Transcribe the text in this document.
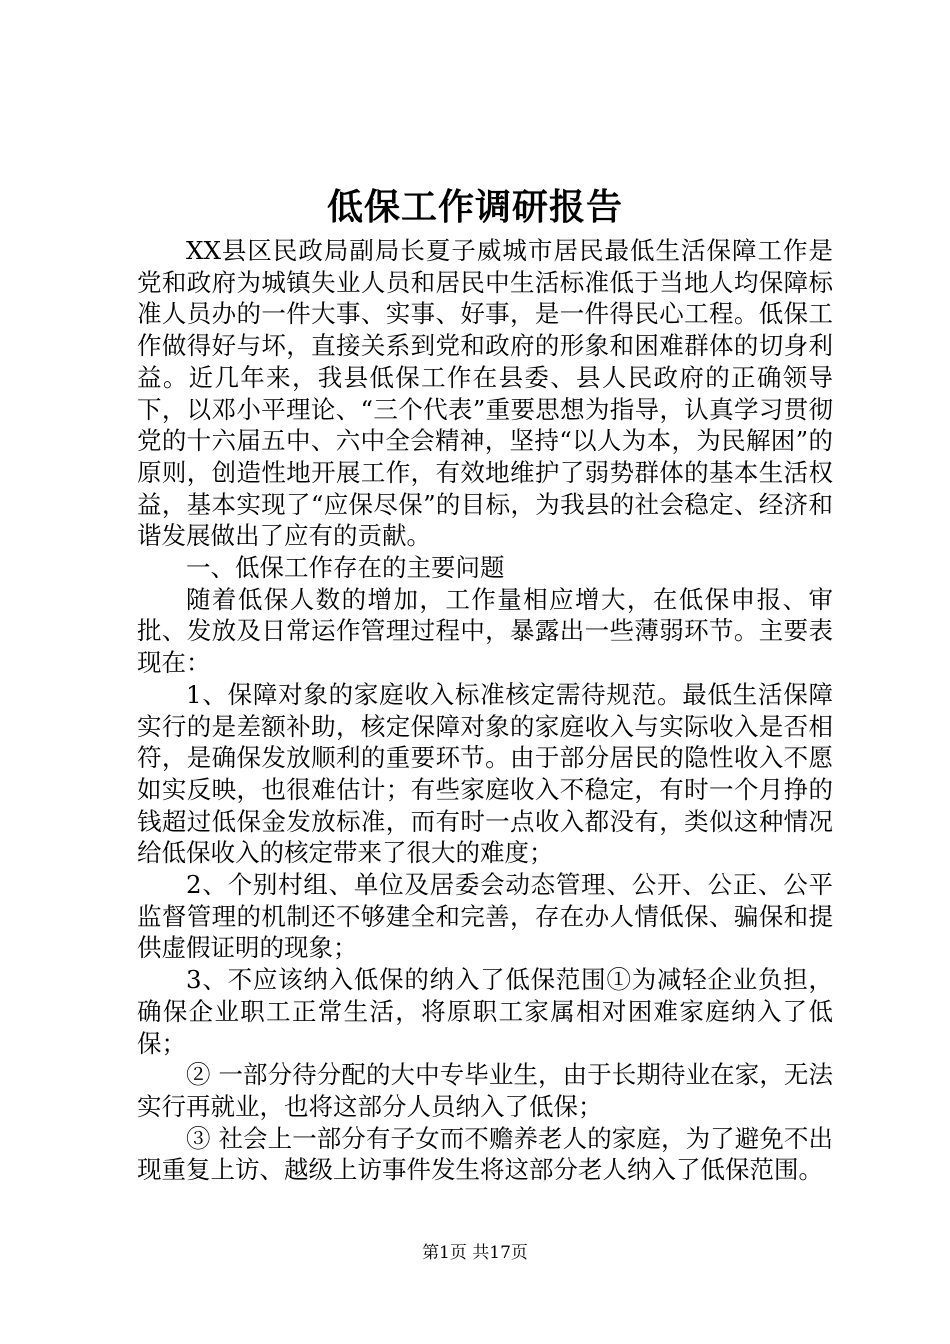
低保工作调研报告

XX县区民政局副局长夏子威城市居民最低生活保障工作是党和政府为城镇失业人员和居民中生活标准低于当地人均保障标准人员办的一件大事、实事、好事，是一件得民心工程。低保工作做得好与坏，直接关系到党和政府的形象和困难群体的切身利益。近几年来，我县低保工作在县委、县人民政府的正确领导下，以邓小平理论、“三个代表”重要思想为指导，认真学习贯彻党的十六届五中、六中全会精神，坚持“以人为本，为民解困”的原则，创造性地开展工作，有效地维护了弱势群体的基本生活权益，基本实现了“应保尽保”的目标，为我县的社会稳定、经济和谐发展做出了应有的贡献。

一、低保工作存在的主要问题

随着低保人数的增加，工作量相应增大，在低保申报、审批、发放及日常运作管理过程中，暴露出一些薄弱环节。主要表现在：

1、保障对象的家庭收入标准核定需待规范。最低生活保障实行的是差额补助，核定保障对象的家庭收入与实际收入是否相符，是确保发放顺利的重要环节。由于部分居民的隐性收入不愿如实反映，也很难估计；有些家庭收入不稳定，有时一个月挣的钱超过低保金发放标准，而有时一点收入都没有，类似这种情况给低保收入的核定带来了很大的难度；

2、个别村组、单位及居委会动态管理、公开、公正、公平监督管理的机制还不够建全和完善，存在办人情低保、骗保和提供虚假证明的现象；

3、不应该纳入低保的纳入了低保范围①为减轻企业负担，确保企业职工正常生活，将原职工家属相对困难家庭纳入了低保；

② 一部分待分配的大中专毕业生，由于长期待业在家，无法实行再就业，也将这部分人员纳入了低保；

③ 社会上一部分有子女而不赡养老人的家庭，为了避免不出现重复上访、越级上访事件发生将这部分老人纳入了低保范围。

第1页 共17页
